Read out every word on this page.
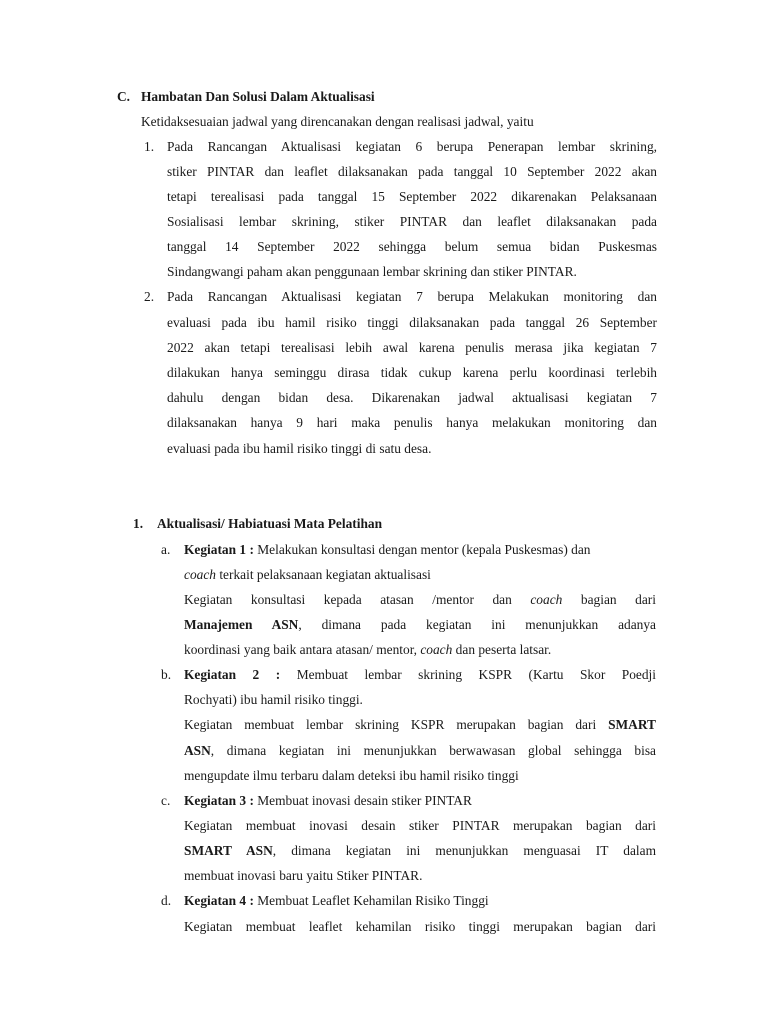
C. Hambatan Dan Solusi Dalam Aktualisasi
Ketidaksesuaian jadwal yang direncanakan dengan realisasi jadwal, yaitu
1. Pada Rancangan Aktualisasi kegiatan 6 berupa Penerapan lembar skrining,
stiker PINTAR dan leaflet dilaksanakan pada tanggal 10 September 2022 akan
tetapi terealisasi pada tanggal 15 September 2022 dikarenakan Pelaksanaan
Sosialisasi lembar skrining, stiker PINTAR dan leaflet dilaksanakan pada
tanggal 14 September 2022 sehingga belum semua bidan Puskesmas
Sindangwangi paham akan penggunaan lembar skrining dan stiker PINTAR.
2. Pada Rancangan Aktualisasi kegiatan 7 berupa Melakukan monitoring dan
evaluasi pada ibu hamil risiko tinggi dilaksanakan pada tanggal 26 September
2022 akan tetapi terealisasi lebih awal karena penulis merasa jika kegiatan 7
dilakukan hanya seminggu dirasa tidak cukup karena perlu koordinasi terlebih
dahulu dengan bidan desa. Dikarenakan jadwal aktualisasi kegiatan 7
dilaksanakan hanya 9 hari maka penulis hanya melakukan monitoring dan
evaluasi pada ibu hamil risiko tinggi di satu desa.
1. Aktualisasi/ Habiatuasi Mata Pelatihan
a. Kegiatan 1 : Melakukan konsultasi dengan mentor (kepala Puskesmas) dan
coach terkait pelaksanaan kegiatan aktualisasi
Kegiatan konsultasi kepada atasan /mentor dan coach bagian dari
Manajemen ASN, dimana pada kegiatan ini menunjukkan adanya
koordinasi yang baik antara atasan/ mentor, coach dan peserta latsar.
b. Kegiatan 2 : Membuat lembar skrining KSPR (Kartu Skor Poedji
Rochyati) ibu hamil risiko tinggi.
Kegiatan membuat lembar skrining KSPR merupakan bagian dari SMART
ASN, dimana kegiatan ini menunjukkan berwawasan global sehingga bisa
mengupdate ilmu terbaru dalam deteksi ibu hamil risiko tinggi
c. Kegiatan 3 : Membuat inovasi desain stiker PINTAR
Kegiatan membuat inovasi desain stiker PINTAR merupakan bagian dari
SMART ASN, dimana kegiatan ini menunjukkan menguasai IT dalam
membuat inovasi baru yaitu Stiker PINTAR.
d. Kegiatan 4 : Membuat Leaflet Kehamilan Risiko Tinggi
Kegiatan membuat leaflet kehamilan risiko tinggi merupakan bagian dari
